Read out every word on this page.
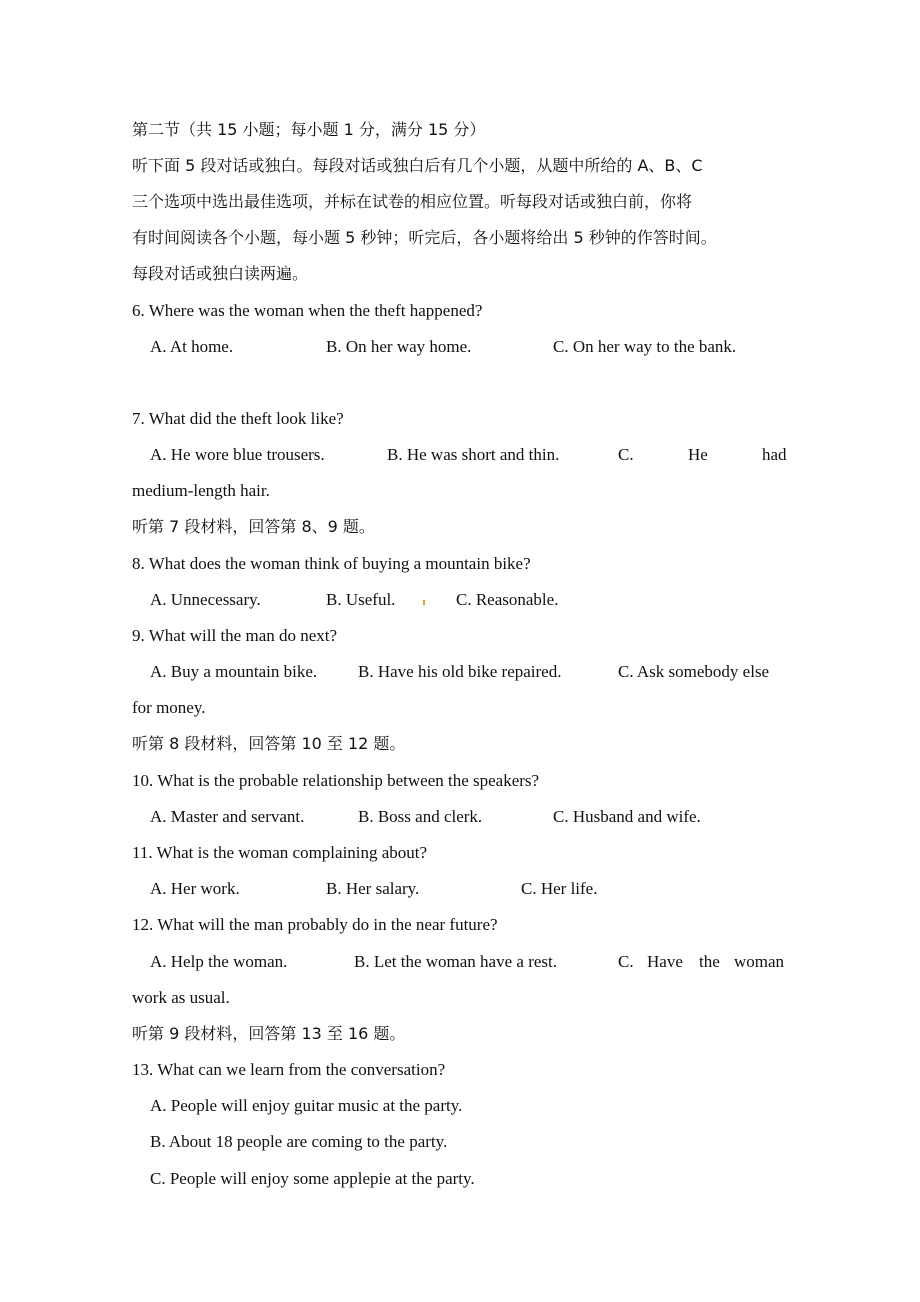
第二节（共 15 小题；每小题 1 分，满分 15 分）
听下面 5 段对话或独白。每段对话或独白后有几个小题，从题中所给的 A、B、C
三个选项中选出最佳选项，并标在试卷的相应位置。听每段对话或独白前，你将
有时间阅读各个小题，每小题 5 秒钟；听完后，各小题将给出 5 秒钟的作答时间。
每段对话或独白读两遍。
6. Where was the woman when the theft happened?
A. At home.	B. On her way home.	C. On her way to the bank.
7. What did the theft look like?
A. He wore blue trousers.	B. He was short and thin.	C.	He	had
medium-length hair.
听第 7 段材料，回答第 8、9 题。
8. What does the woman think of buying a mountain bike?
A. Unnecessary.	B. Useful.	C. Reasonable.
9. What will the man do next?
A. Buy a mountain bike. B. Have his old bike repaired.	C. Ask somebody else
for money.
听第 8 段材料，回答第 10 至 12 题。
10. What is the probable relationship between the speakers?
A. Master and servant.	B. Boss and clerk.	C. Husband and wife.
11. What is the woman complaining about?
A. Her work.	B. Her salary.	C. Her life.
12. What will the man probably do in the near future?
A. Help the woman.	B. Let the woman have a rest.	C. Have the woman
work as usual.
听第 9 段材料，回答第 13 至 16 题。
13. What can we learn from the conversation?
A. People will enjoy guitar music at the party.
B. About 18 people are coming to the party.
C. People will enjoy some applepie at the party.
